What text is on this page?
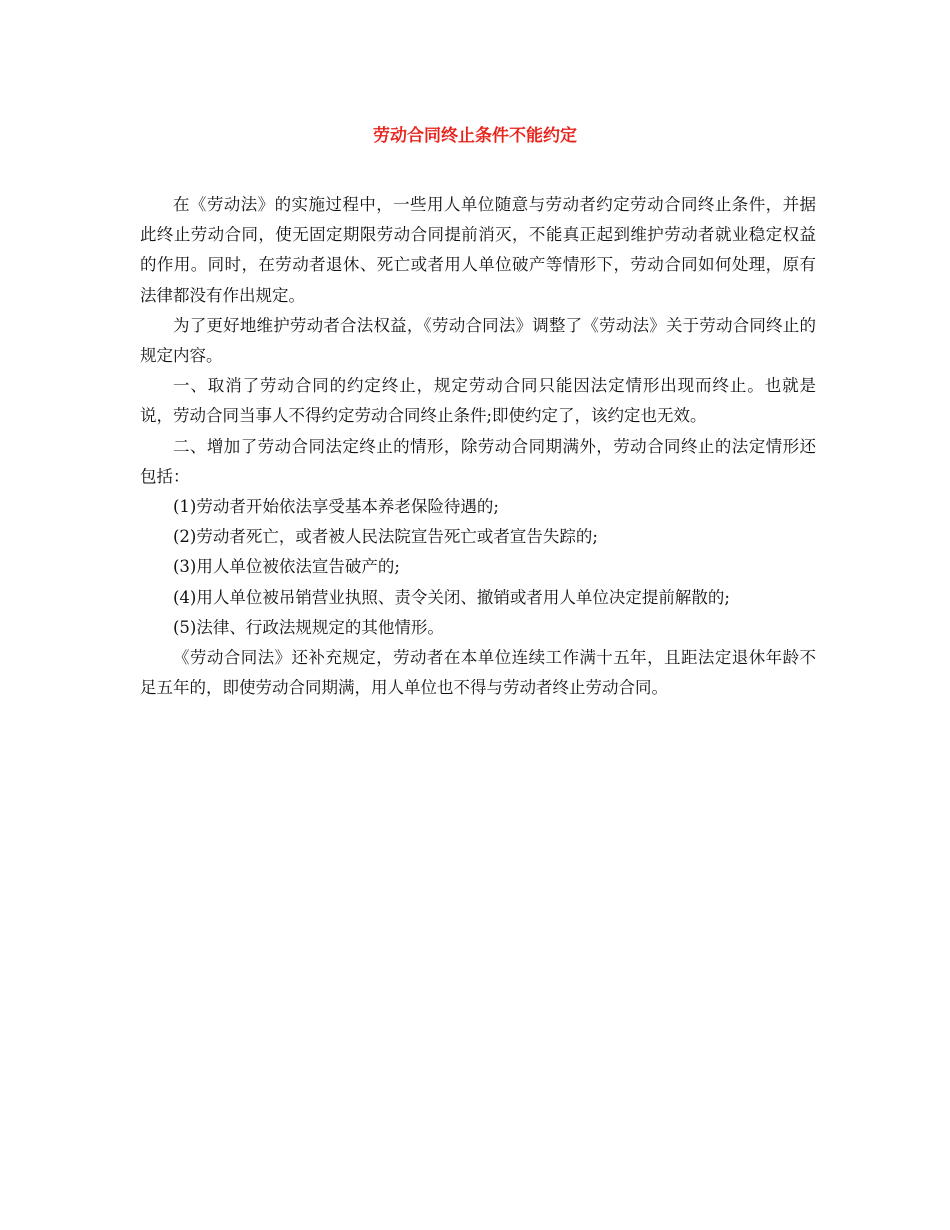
劳动合同终止条件不能约定

在《劳动法》的实施过程中，一些用人单位随意与劳动者约定劳动合同终止条件，并据此终止劳动合同，使无固定期限劳动合同提前消灭，不能真正起到维护劳动者就业稳定权益的作用。同时，在劳动者退休、死亡或者用人单位破产等情形下，劳动合同如何处理，原有法律都没有作出规定。

为了更好地维护劳动者合法权益，《劳动合同法》调整了《劳动法》关于劳动合同终止的规定内容。

一、取消了劳动合同的约定终止，规定劳动合同只能因法定情形出现而终止。也就是说，劳动合同当事人不得约定劳动合同终止条件;即使约定了，该约定也无效。

二、增加了劳动合同法定终止的情形，除劳动合同期满外，劳动合同终止的法定情形还包括：

(1)劳动者开始依法享受基本养老保险待遇的;

(2)劳动者死亡，或者被人民法院宣告死亡或者宣告失踪的;

(3)用人单位被依法宣告破产的;

(4)用人单位被吊销营业执照、责令关闭、撤销或者用人单位决定提前解散的;

(5)法律、行政法规规定的其他情形。

《劳动合同法》还补充规定，劳动者在本单位连续工作满十五年，且距法定退休年龄不足五年的，即使劳动合同期满，用人单位也不得与劳动者终止劳动合同。
